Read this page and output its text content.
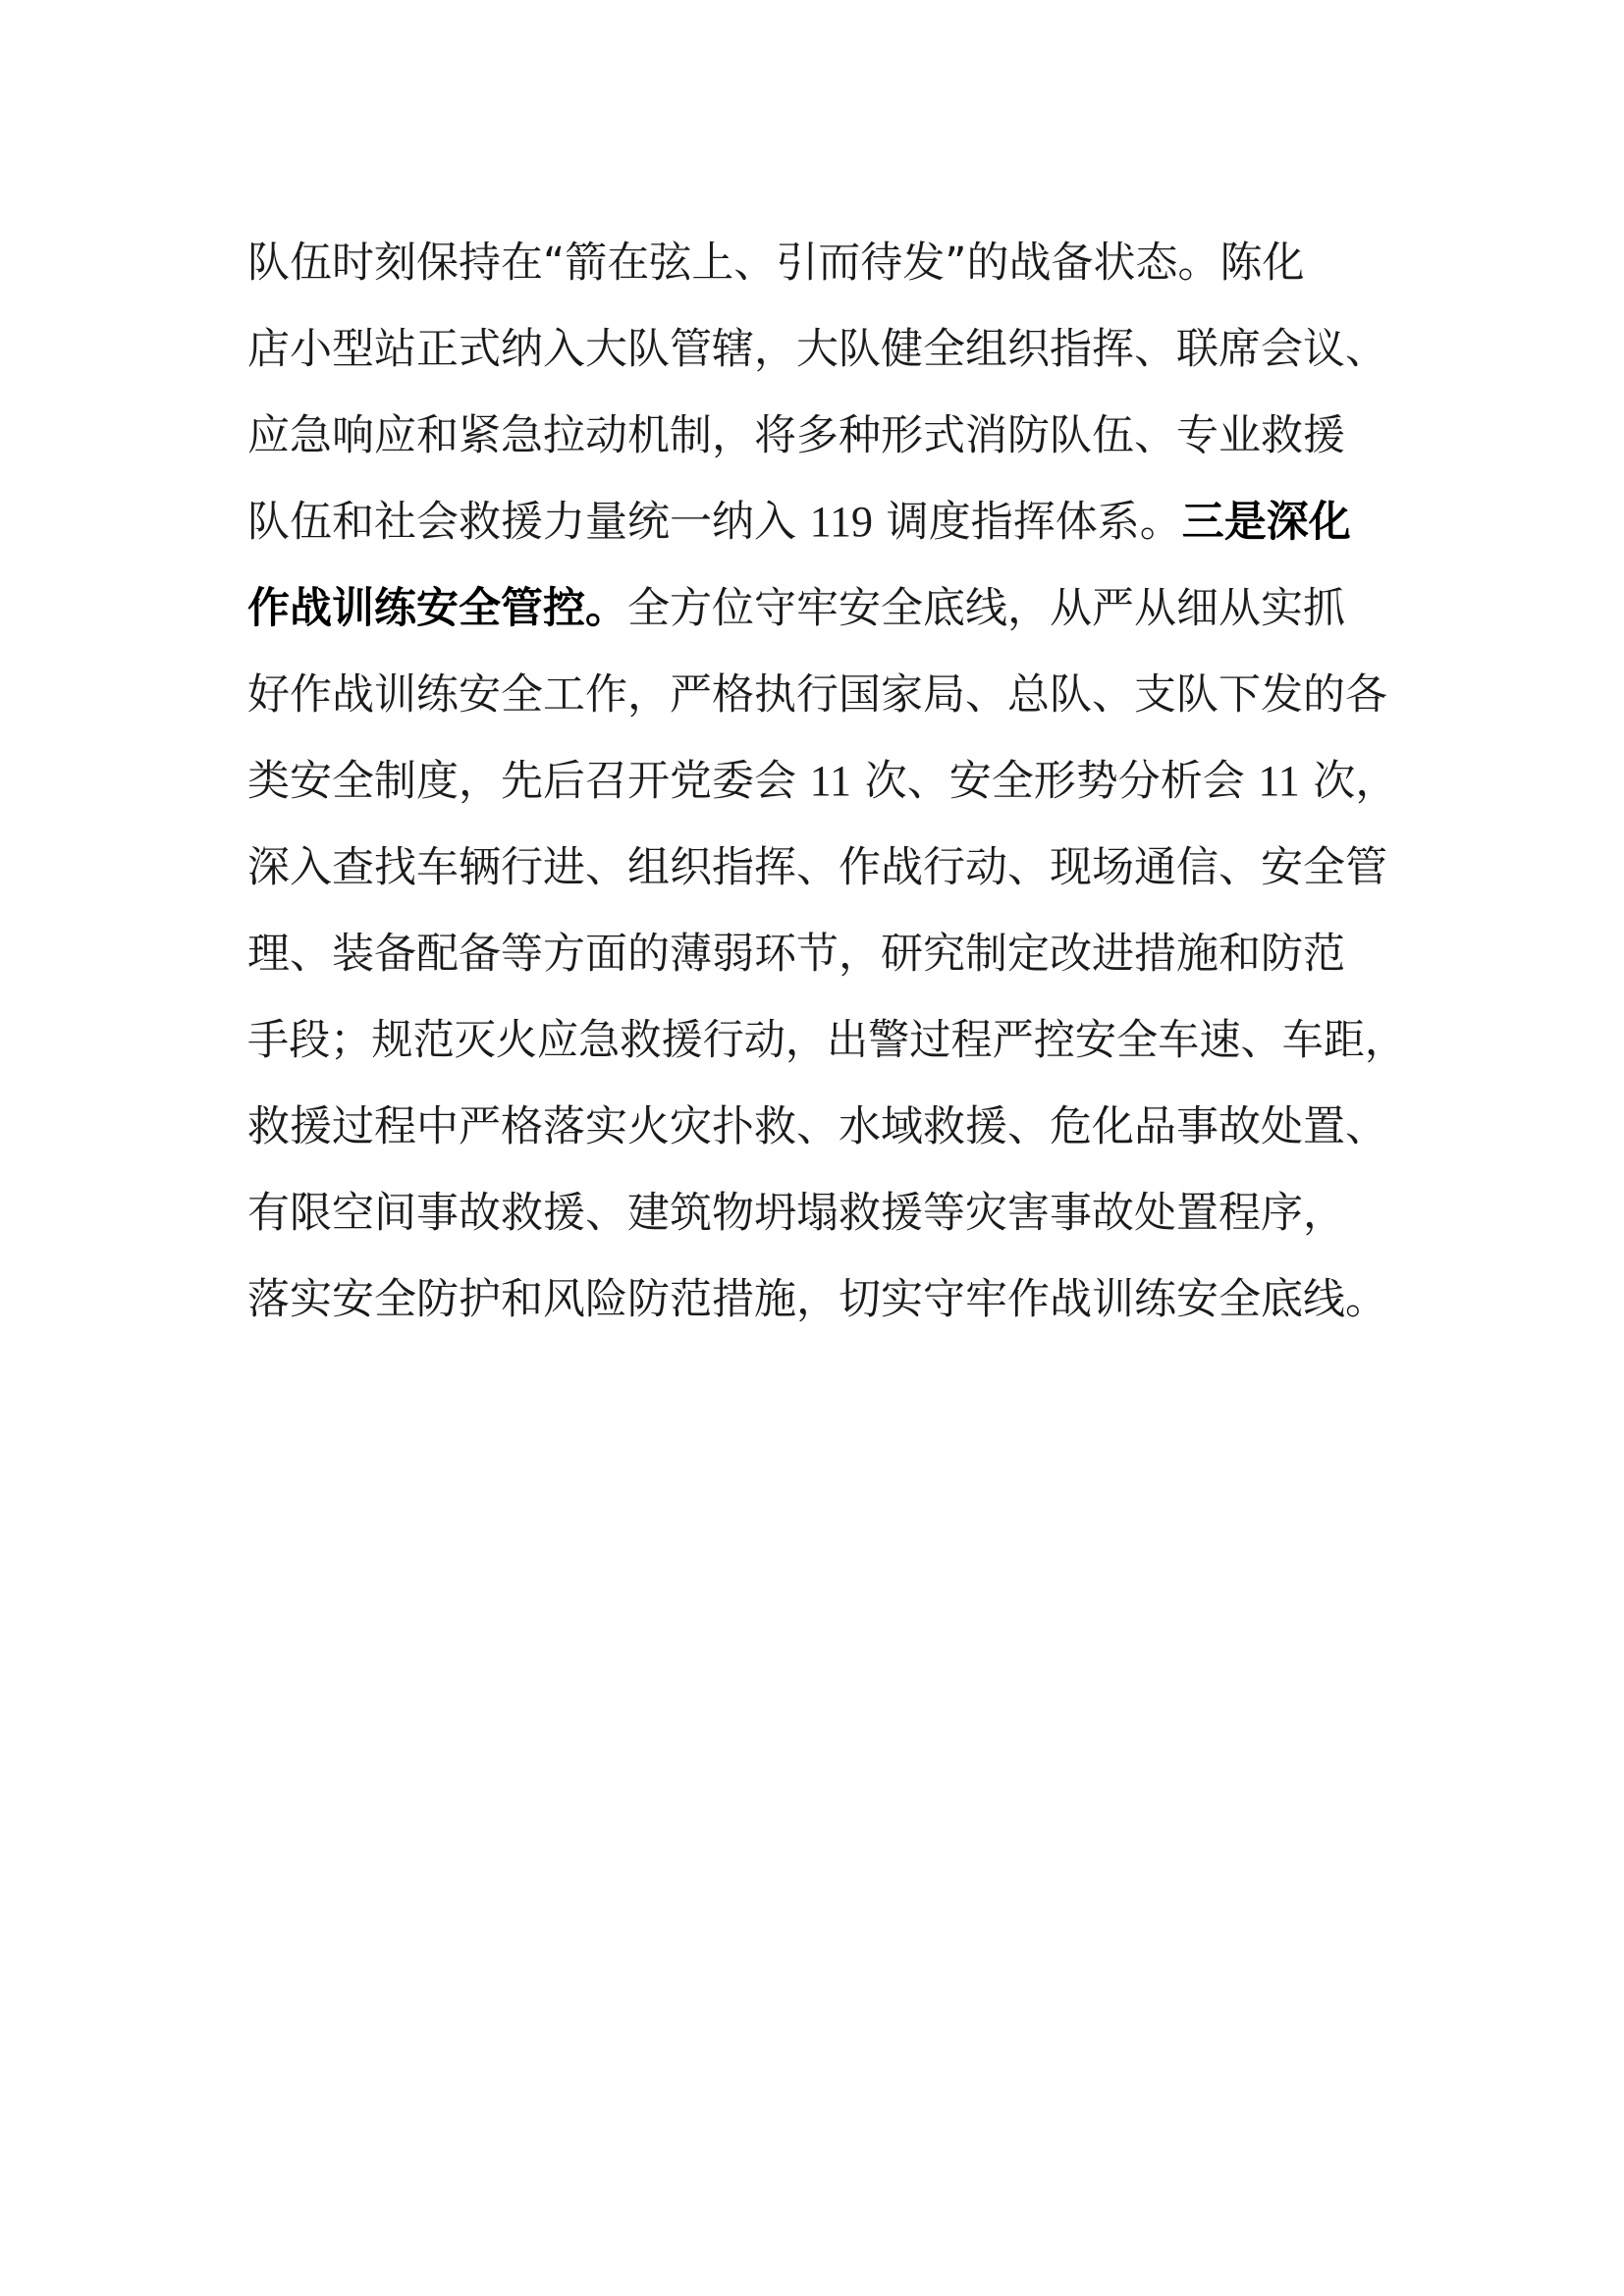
队伍时刻保持在“箭在弦上、引而待发”的战备状态。陈化
店小型站正式纳入大队管辖，大队健全组织指挥、联席会议、
应急响应和紧急拉动机制，将多种形式消防队伍、专业救援
队伍和社会救援力量统一纳入 119 调度指挥体系。三是深化
作战训练安全管控。全方位守牢安全底线，从严从细从实抓
好作战训练安全工作，严格执行国家局、总队、支队下发的各
类安全制度，先后召开党委会 11 次、安全形势分析会 11 次，
深入查找车辆行进、组织指挥、作战行动、现场通信、安全管
理、装备配备等方面的薄弱环节，研究制定改进措施和防范
手段；规范灭火应急救援行动，出警过程严控安全车速、车距，
救援过程中严格落实火灾扑救、水域救援、危化品事故处置、
有限空间事故救援、建筑物坍塌救援等灾害事故处置程序，
落实安全防护和风险防范措施，切实守牢作战训练安全底线。
